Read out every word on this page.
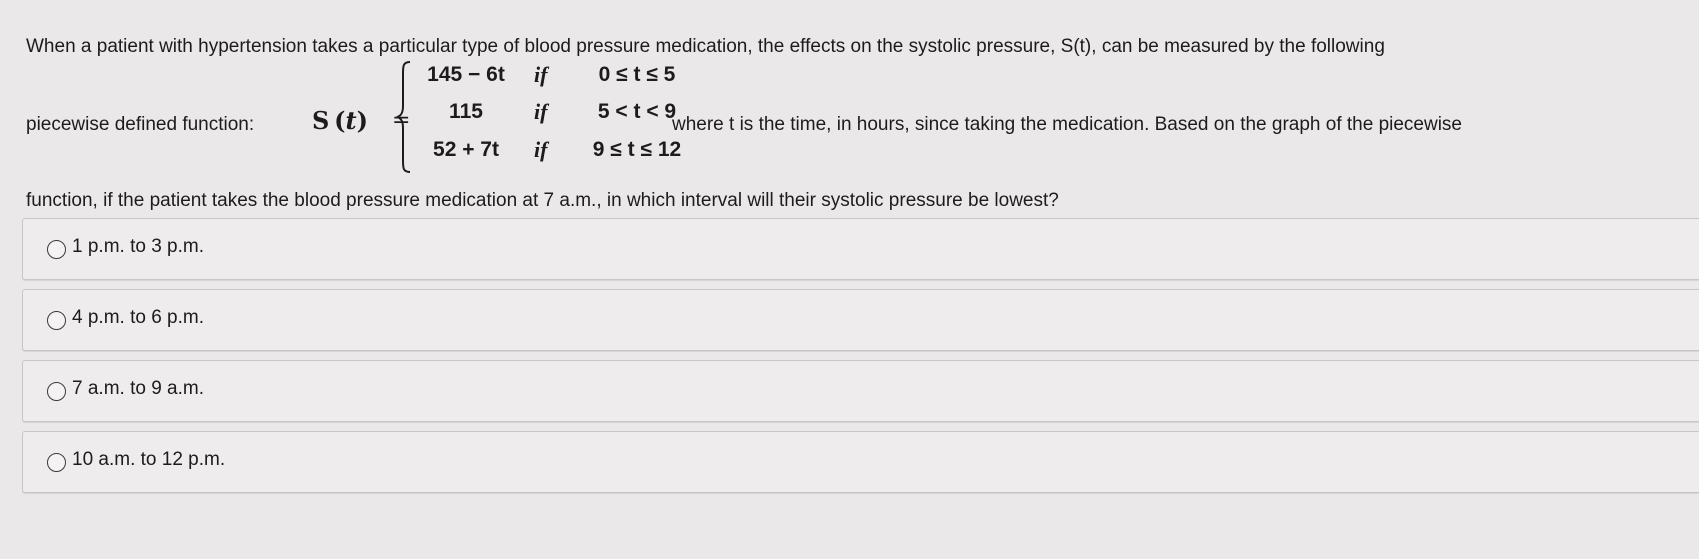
When a patient with hypertension takes a particular type of blood pressure medication, the effects on the systolic pressure, S(t), can be measured by the following
piecewise defined function: S (t) =
145 − 6t	if	0 ≤ t ≤ 5
115	if	5 < t < 9
52 + 7t	if	9 ≤ t ≤ 12
where t is the time, in hours, since taking the medication. Based on the graph of the piecewise
function, if the patient takes the blood pressure medication at 7 a.m., in which interval will their systolic pressure be lowest?
1 p.m. to 3 p.m.
4 p.m. to 6 p.m.
7 a.m. to 9 a.m.
10 a.m. to 12 p.m.
